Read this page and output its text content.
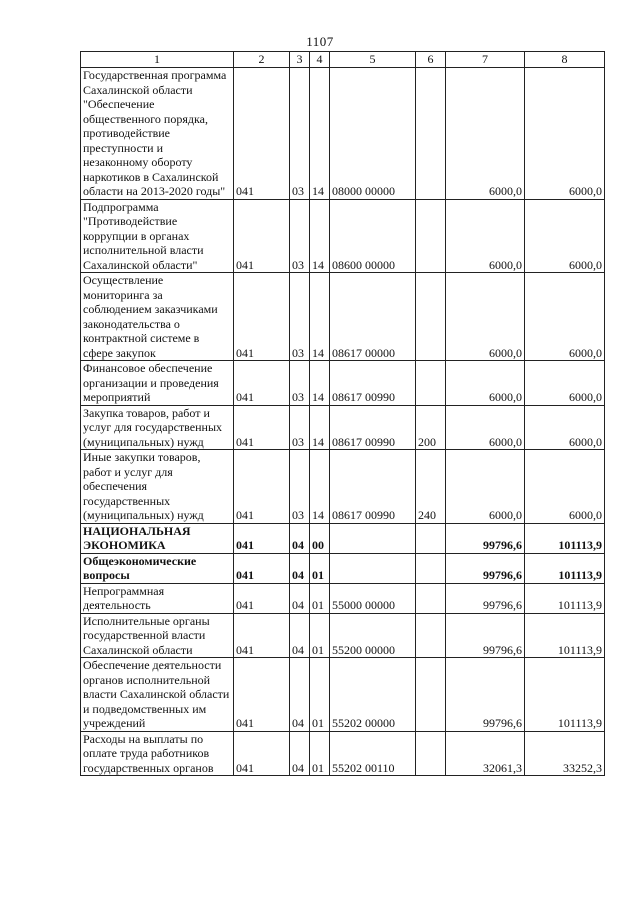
1107
1	2	3	4	5	6	7	8
Государственная программа Сахалинской области "Обеспечение общественного порядка, противодействие преступности и незаконному обороту наркотиков в Сахалинской области на 2013-2020 годы"	041	03	14	08000 00000		6000,0	6000,0
Подпрограмма "Противодействие коррупции в органах исполнительной власти Сахалинской области"	041	03	14	08600 00000		6000,0	6000,0
Осуществление мониторинга за соблюдением заказчиками законодательства о контрактной системе в сфере закупок	041	03	14	08617 00000		6000,0	6000,0
Финансовое обеспечение организации и проведения мероприятий	041	03	14	08617 00990		6000,0	6000,0
Закупка товаров, работ и услуг для государственных (муниципальных) нужд	041	03	14	08617 00990	200	6000,0	6000,0
Иные закупки товаров, работ и услуг для обеспечения государственных (муниципальных) нужд	041	03	14	08617 00990	240	6000,0	6000,0
НАЦИОНАЛЬНАЯ ЭКОНОМИКА	041	04	00			99796,6	101113,9
Общеэкономические вопросы	041	04	01			99796,6	101113,9
Непрограммная деятельность	041	04	01	55000 00000		99796,6	101113,9
Исполнительные органы государственной власти Сахалинской области	041	04	01	55200 00000		99796,6	101113,9
Обеспечение деятельности органов исполнительной власти Сахалинской области и подведомственных им учреждений	041	04	01	55202 00000		99796,6	101113,9
Расходы на выплаты по оплате труда работников государственных органов	041	04	01	55202 00110		32061,3	33252,3
